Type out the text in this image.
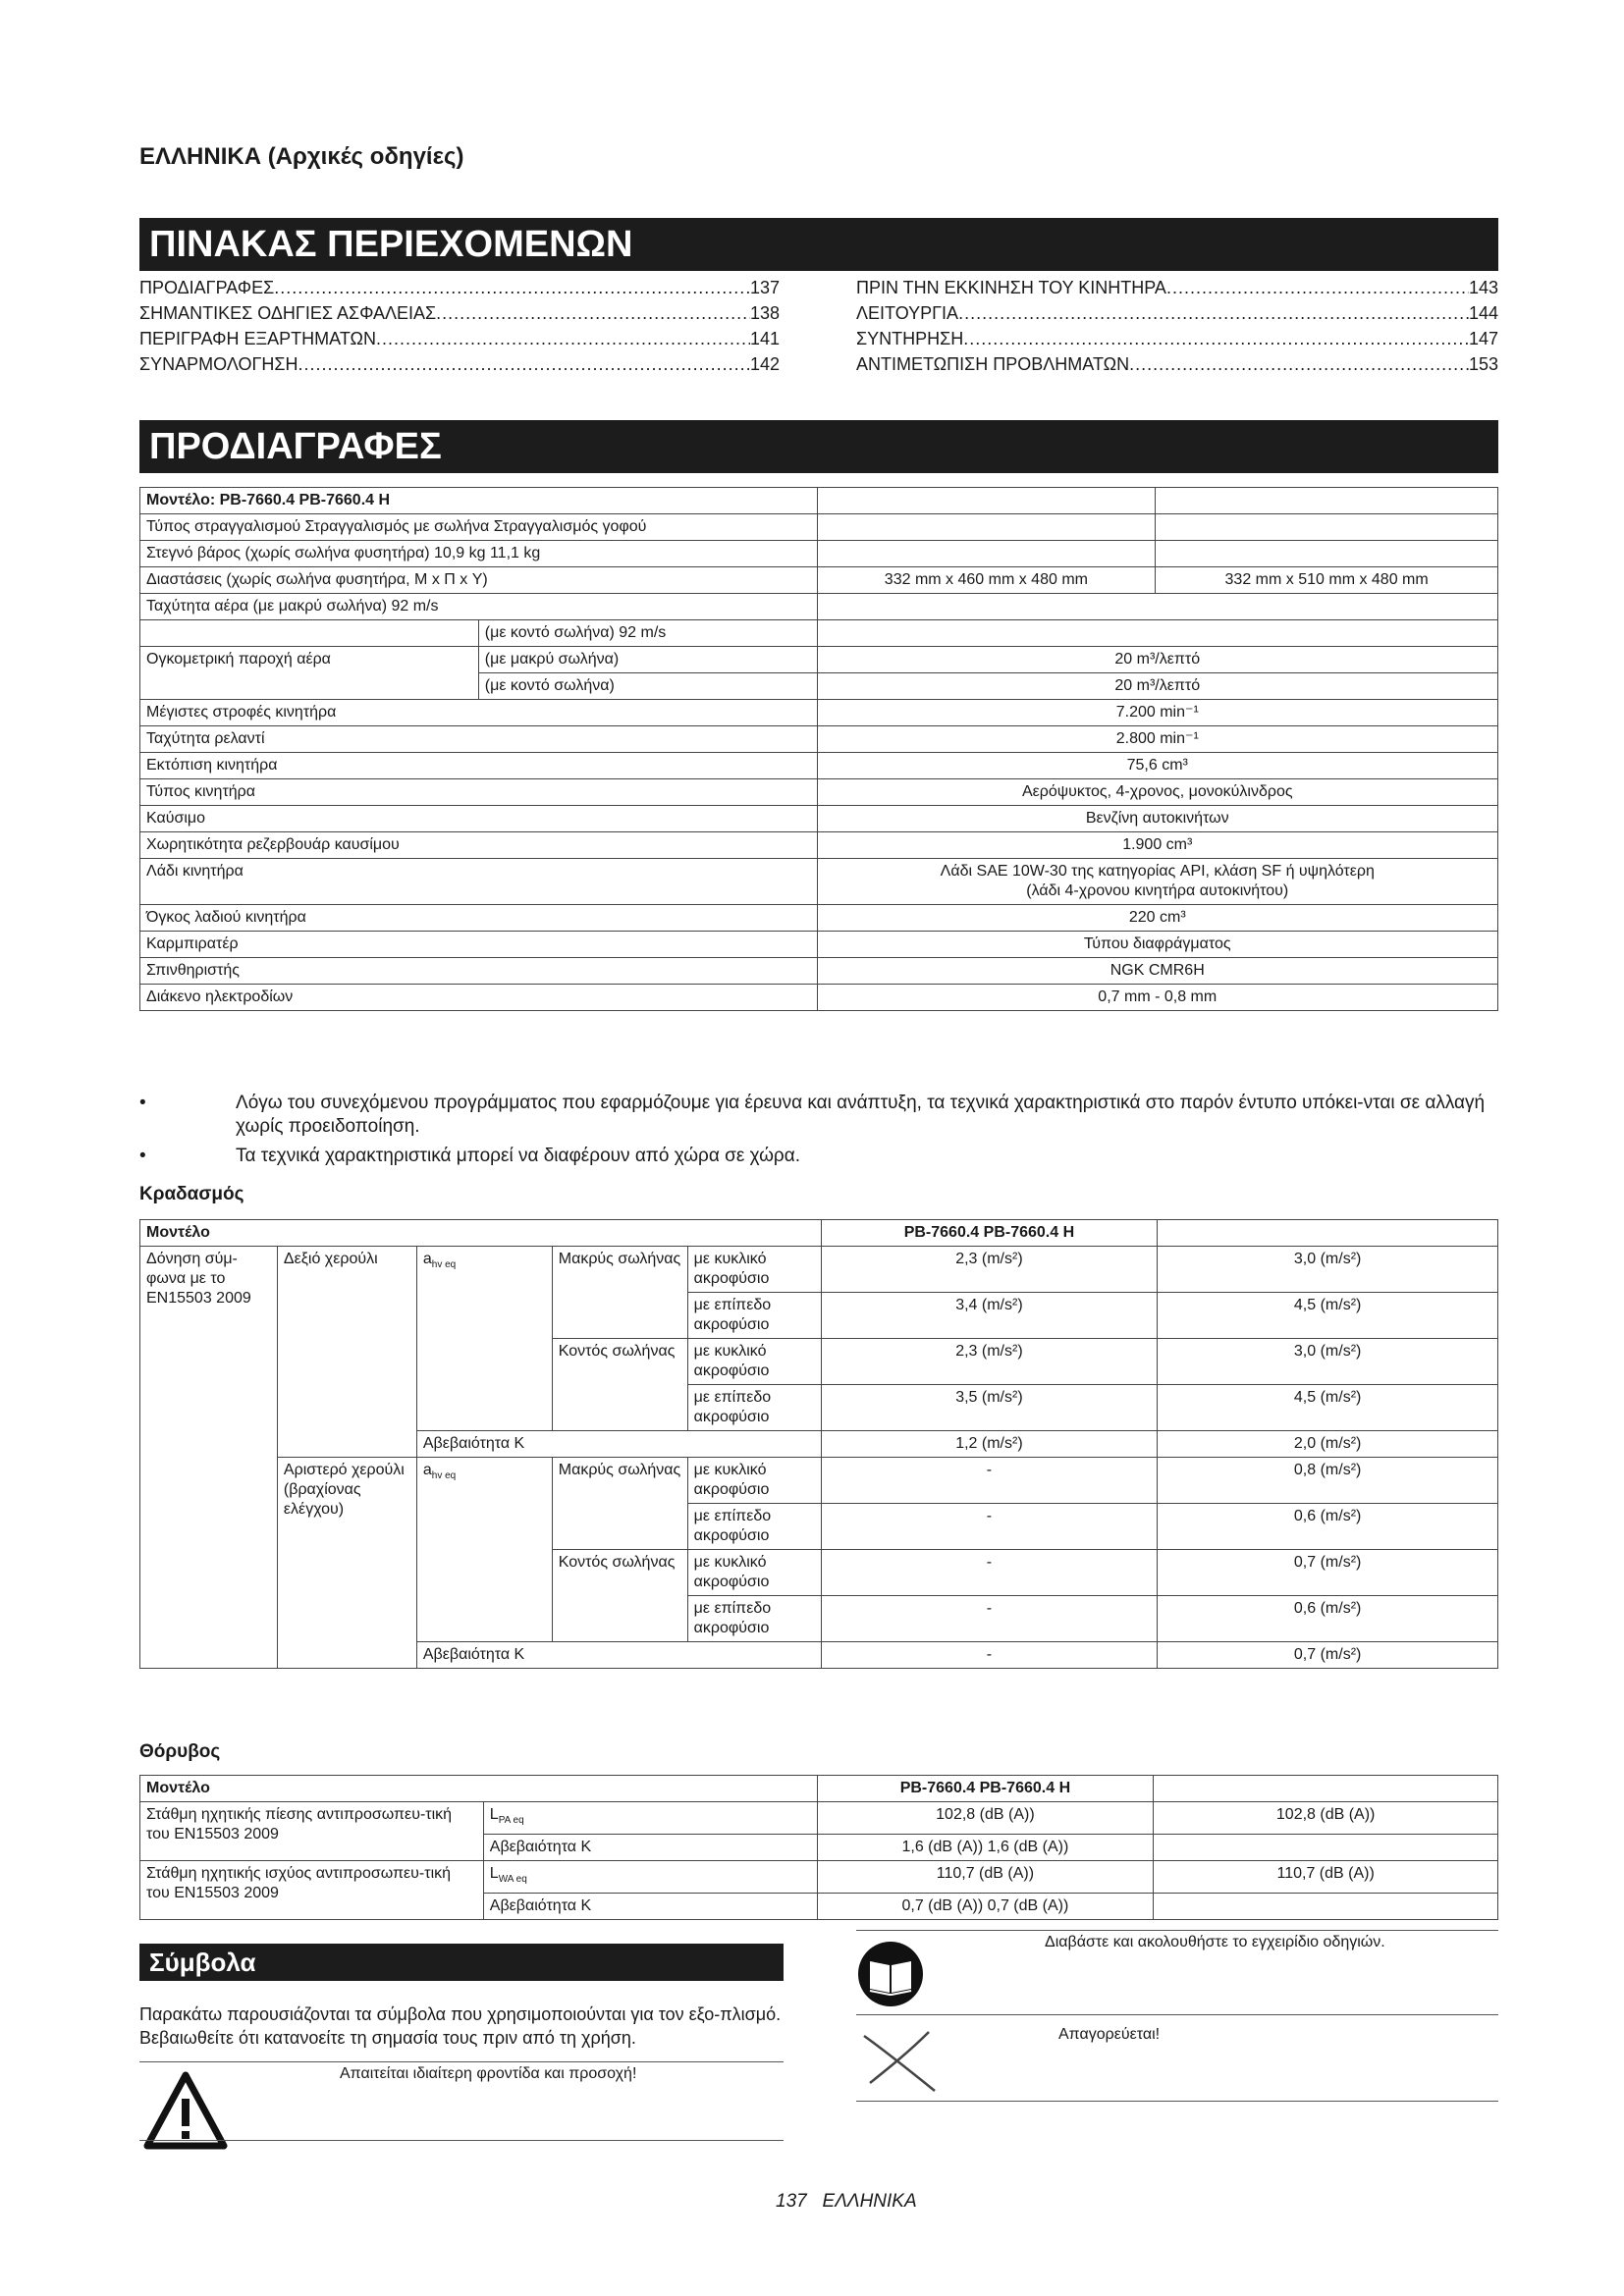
ΕΛΛΗΝΙΚΑ (Αρχικές οδηγίες)
ΠΙΝΑΚΑΣ ΠΕΡΙΕΧΟΜΕΝΩΝ
ΠΡΟΔΙΑΓΡΑΦΕΣ .....	137
ΣΗΜΑΝΤΙΚΕΣ ΟΔΗΓΙΕΣ ΑΣΦΑΛΕΙΑΣ .....	138
ΠΕΡΙΓΡΑΦΗ ΕΞΑΡΤΗΜΑΤΩΝ .....	141
ΣΥΝΑΡΜΟΛΟΓΗΣΗ .....	142
ΠΡΙΝ ΤΗΝ ΕΚΚΙΝΗΣΗ ΤΟΥ ΚΙΝΗΤΗΡΑ .....	143
ΛΕΙΤΟΥΡΓΙΑ .....	144
ΣΥΝΤΗΡΗΣΗ .....	147
ΑΝΤΙΜΕΤΩΠΙΣΗ ΠΡΟΒΛΗΜΑΤΩΝ .....	153
ΠΡΟΔΙΑΓΡΑΦΕΣ
Μοντέλο: PB-7660.4 PB-7660.4 H			
Τύπος στραγγαλισμού Στραγγαλισμός με σωλήνα Στραγγαλισμός γοφού			
Στεγνό βάρος (χωρίς σωλήνα φυσητήρα) 10,9 kg 11,1 kg			
Διαστάσεις (χωρίς σωλήνα φυσητήρα, Μ x Π x Υ)		332 mm x 460 mm x 480 mm	332 mm x 510 mm x 480 mm
Ταχύτητα αέρα (με μακρύ σωλήνα) 92 m/s			
	(με κοντό σωλήνα) 92 m/s		
Ογκομετρική παροχή αέρα	(με μακρύ σωλήνα)	20 m³/λεπτό	
	(με κοντό σωλήνα)	20 m³/λεπτό	
Μέγιστες στροφές κινητήρα		7.200 min⁻¹	
Ταχύτητα ρελαντί		2.800 min⁻¹	
Εκτόπιση κινητήρα		75,6 cm³	
Τύπος κινητήρα		Αερόψυκτος, 4-χρονος, μονοκύλινδρος	
Καύσιμο		Βενζίνη αυτοκινήτων	
Χωρητικότητα ρεζερβουάρ καυσίμου		1.900 cm³	
Λάδι κινητήρα		Λάδι SAE 10W-30 της κατηγορίας API, κλάση SF ή υψηλότερη
(λάδι 4-χρονου κινητήρα αυτοκινήτου)	

Όγκος λαδιού κινητήρα		220 cm³	
Καρμπιρατέρ		Τύπου διαφράγματος	
Σπινθηριστής		NGK CMR6H	
Διάκενο ηλεκτροδίων		0,7 mm - 0,8 mm	
•	Λόγω του συνεχόμενου προγράμματος που εφαρμόζουμε για έρευνα και ανάπτυξη, τα τεχνικά χαρακτηριστικά στο παρόν έντυπο υπόκει-νται σε αλλαγή χωρίς προειδοποίηση.
•	Τα τεχνικά χαρακτηριστικά μπορεί να διαφέρουν από χώρα σε χώρα.
Κραδασμός
Μοντέλο					PB-7660.4 PB-7660.4 H	
Δόνηση σύμ-φωνα με το EN15503 2009	Δεξιό χερούλι	$a_{hv eq}$	Μακρύς σωλήνας	με κυκλικό ακροφύσιο	2,3 (m/s²)	3,0 (m/s²)
				με επίπεδο ακροφύσιο	3,4 (m/s²)	4,5 (m/s²)
			Κοντός σωλήνας	με κυκλικό ακροφύσιο	2,3 (m/s²)	3,0 (m/s²)
				με επίπεδο ακροφύσιο	3,5 (m/s²)	4,5 (m/s²)
		Αβεβαιότητα K			1,2 (m/s²)	2,0 (m/s²)
	Αριστερό χερούλι (βραχίονας ελέγχου)	$a_{hv eq}$	Μακρύς σωλήνας	με κυκλικό ακροφύσιο	-	0,8 (m/s²)
				με επίπεδο ακροφύσιο	-	0,6 (m/s²)
			Κοντός σωλήνας	με κυκλικό ακροφύσιο	-	0,7 (m/s²)
				με επίπεδο ακροφύσιο	-	0,6 (m/s²)
		Αβεβαιότητα K			-	0,7 (m/s²)
Θόρυβος
Μοντέλο		PB-7660.4 PB-7660.4 H	
Στάθμη ηχητικής πίεσης αντιπροσωπευ-τική του EN15503 2009	$L_{PA eq}$	102,8 (dB (A))	102,8 (dB (A))
	Αβεβαιότητα K	1,6 (dB (A)) 1,6 (dB (A))	
Στάθμη ηχητικής ισχύος αντιπροσωπευ-τική του EN15503 2009	$L_{WA eq}$	110,7 (dB (A))	110,7 (dB (A))
	Αβεβαιότητα K	0,7 (dB (A)) 0,7 (dB (A))	
Σύμβολα
Παρακάτω παρουσιάζονται τα σύμβολα που χρησιμοποιούνται για τον εξο-πλισμό. Βεβαιωθείτε ότι κατανοείτε τη σημασία τους πριν από τη χρήση.
Απαιτείται ιδιαίτερη φροντίδα και προσοχή!
Διαβάστε και ακολουθήστε το εγχειρίδιο οδηγιών.
Απαγορεύεται!
137 ΕΛΛΗΝΙΚΑ
